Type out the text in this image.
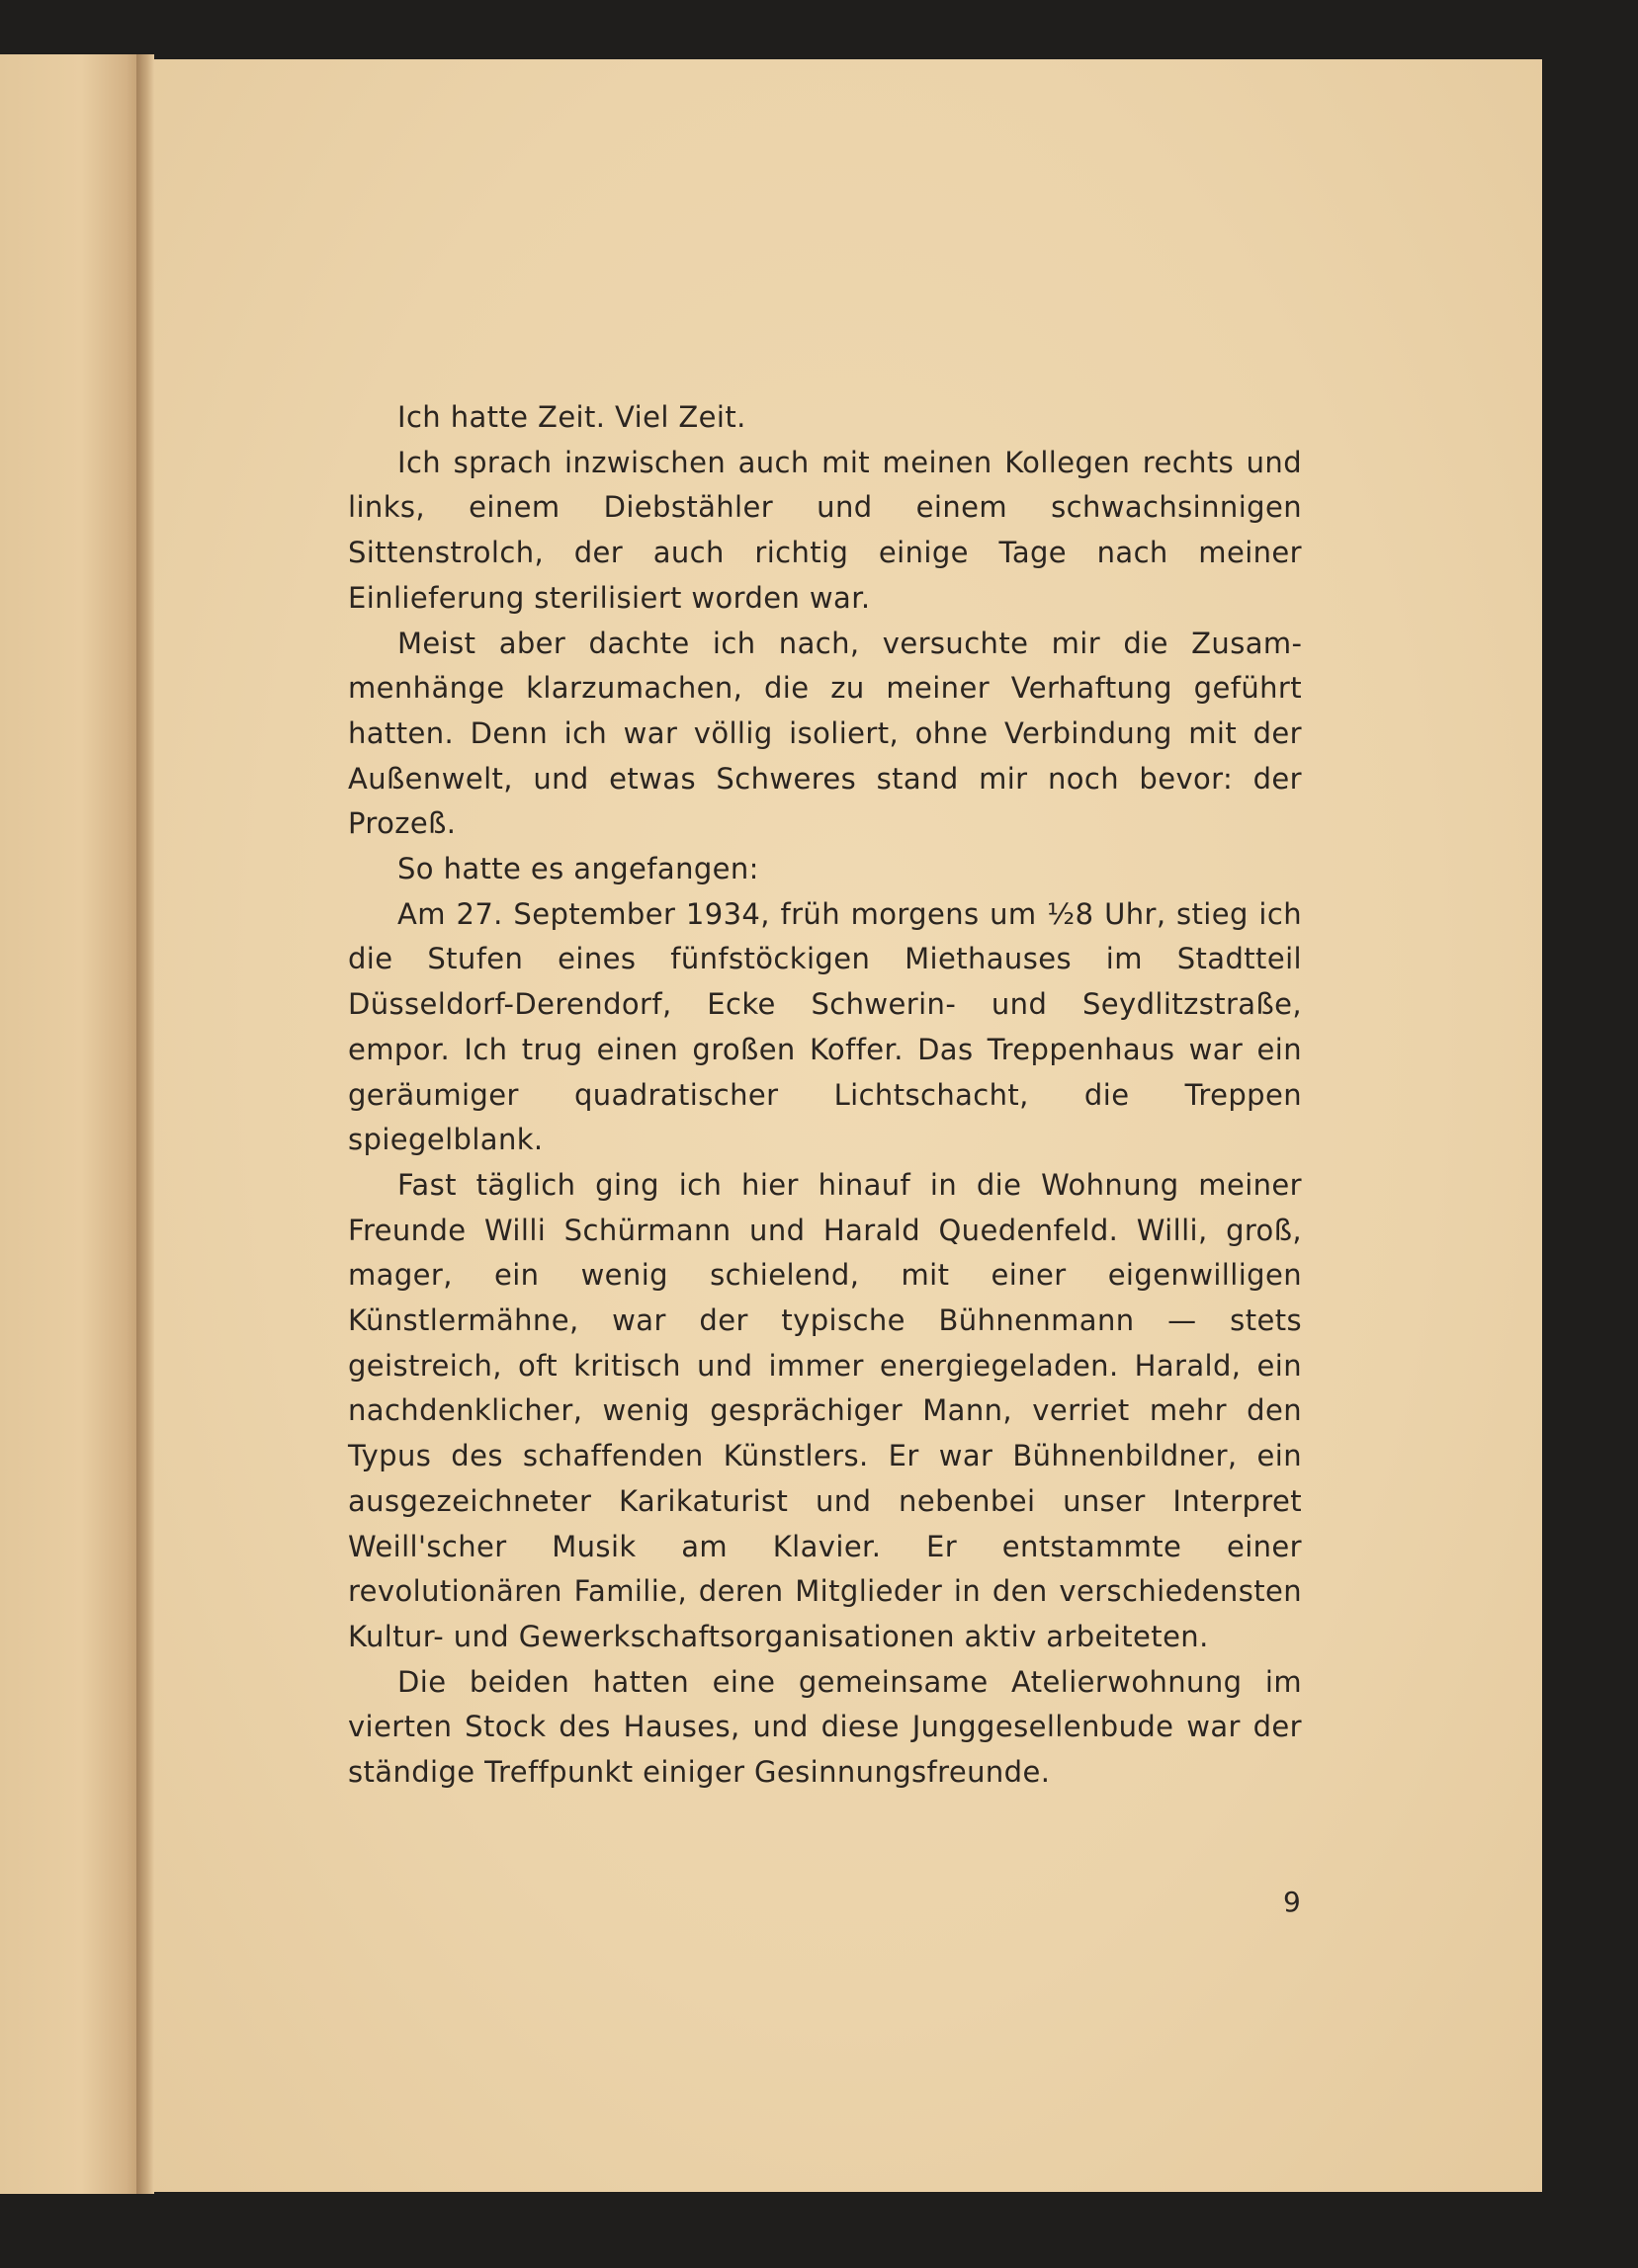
Ich hatte Zeit. Viel Zeit.

Ich sprach inzwischen auch mit meinen Kollegen rechts und links, einem Diebstähler und einem schwachsinnigen Sittenstrolch, der auch richtig einige Tage nach meiner Einlieferung sterilisiert worden war.

Meist aber dachte ich nach, versuchte mir die Zusammenhänge klarzumachen, die zu meiner Verhaftung geführt hatten. Denn ich war völlig isoliert, ohne Verbindung mit der Außenwelt, und etwas Schweres stand mir noch bevor: der Prozeß.

So hatte es angefangen:

Am 27. September 1934, früh morgens um ½8 Uhr, stieg ich die Stufen eines fünfstöckigen Miethauses im Stadtteil Düsseldorf-Derendorf, Ecke Schwerin- und Seydlitzstraße, empor. Ich trug einen großen Koffer. Das Treppenhaus war ein geräumiger quadratischer Lichtschacht, die Treppen spiegelblank.

Fast täglich ging ich hier hinauf in die Wohnung meiner Freunde Willi Schürmann und Harald Quedenfeld. Willi, groß, mager, ein wenig schielend, mit einer eigenwilligen Künstlermähne, war der typische Bühnenmann — stets geistreich, oft kritisch und immer energiegeladen. Harald, ein nachdenklicher, wenig gesprächiger Mann, verriet mehr den Typus des schaffenden Künstlers. Er war Bühnenbildner, ein ausgezeichneter Karikaturist und nebenbei unser Interpret Weill'scher Musik am Klavier. Er entstammte einer revolutionären Familie, deren Mitglieder in den verschiedensten Kultur- und Gewerkschaftsorganisationen aktiv arbeiteten.

Die beiden hatten eine gemeinsame Atelierwohnung im vierten Stock des Hauses, und diese Junggesellenbude war der ständige Treffpunkt einiger Gesinnungsfreunde.

9
